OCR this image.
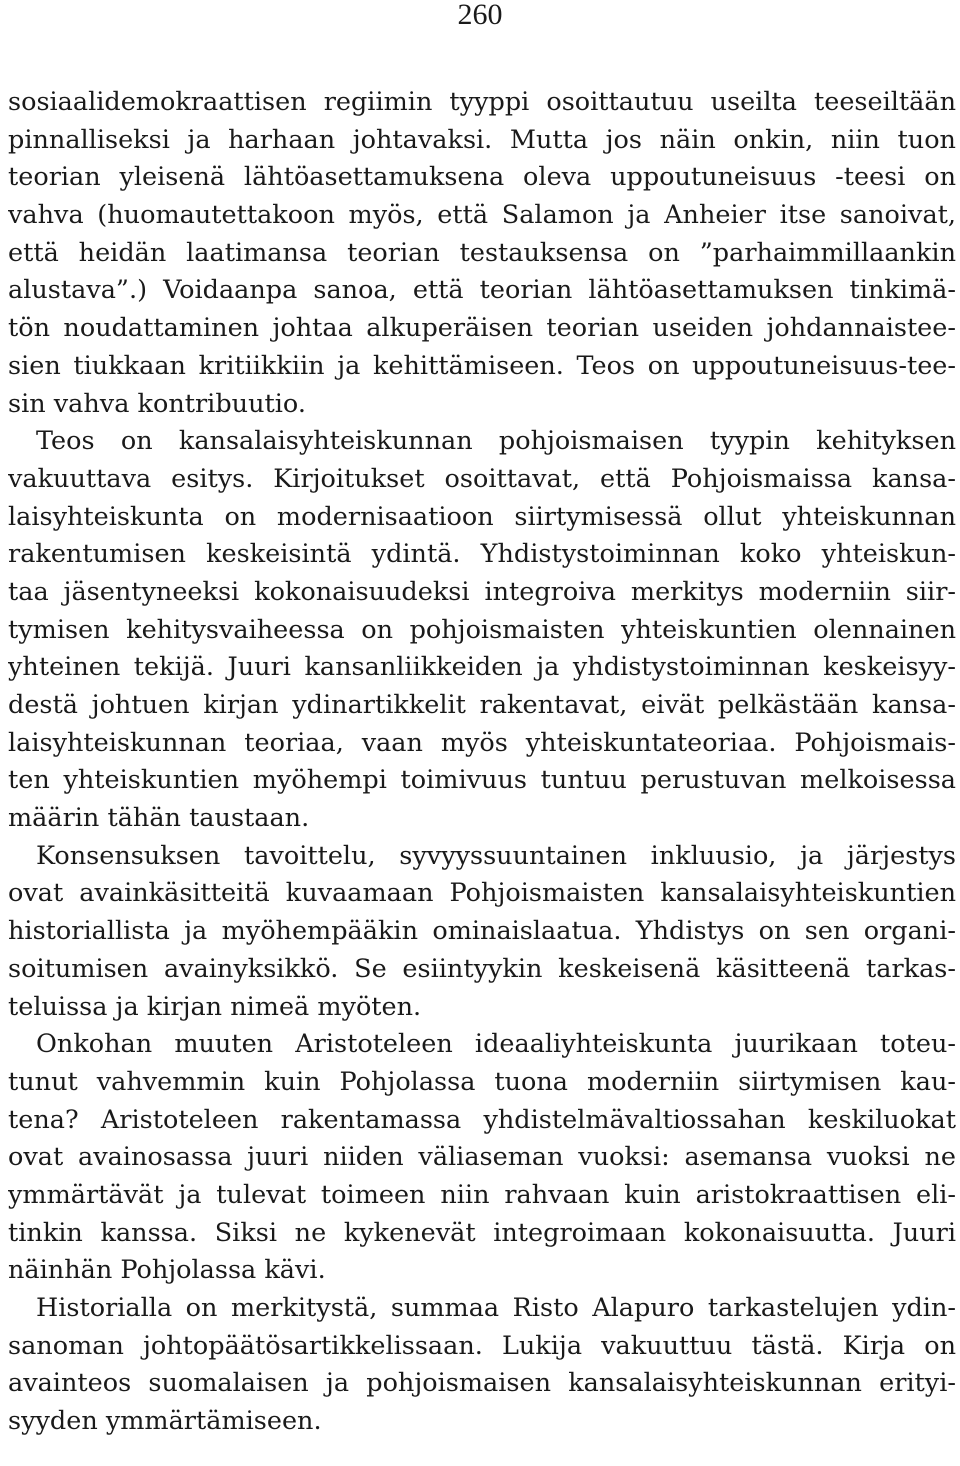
260
sosiaalidemokraattisen regiimin tyyppi osoittautuu useilta teeseiltään
pinnalliseksi ja harhaan johtavaksi. Mutta jos näin onkin, niin tuon
teorian yleisenä lähtöasettamuksena oleva uppoutuneisuus -teesi on
vahva (huomautettakoon myös, että Salamon ja Anheier itse sanoivat,
että heidän laatimansa teorian testauksensa on ”parhaimmillaankin
alustava”.) Voidaanpa sanoa, että teorian lähtöasettamuksen tinkimä-
tön noudattaminen johtaa alkuperäisen teorian useiden johdannaistee-
sien tiukkaan kritiikkiin ja kehittämiseen. Teos on uppoutuneisuus-tee-
sin vahva kontribuutio.
Teos on kansalaisyhteiskunnan pohjoismaisen tyypin kehityksen
vakuuttava esitys. Kirjoitukset osoittavat, että Pohjoismaissa kansa-
laisyhteiskunta on modernisaatioon siirtymisessä ollut yhteiskunnan
rakentumisen keskeisintä ydintä. Yhdistystoiminnan koko yhteiskun-
taa jäsentyneeksi kokonaisuudeksi integroiva merkitys moderniin siir-
tymisen kehitysvaiheessa on pohjoismaisten yhteiskuntien olennainen
yhteinen tekijä. Juuri kansanliikkeiden ja yhdistystoiminnan keskeisyy-
destä johtuen kirjan ydinartikkelit rakentavat, eivät pelkästään kansa-
laisyhteiskunnan teoriaa, vaan myös yhteiskuntateoriaa. Pohjoismais-
ten yhteiskuntien myöhempi toimivuus tuntuu perustuvan melkoisessa
määrin tähän taustaan.
Konsensuksen tavoittelu, syvyyssuuntainen inkluusio, ja järjestys
ovat avainkäsitteitä kuvaamaan Pohjoismaisten kansalaisyhteiskuntien
historiallista ja myöhempääkin ominaislaatua. Yhdistys on sen organi-
soitumisen avainyksikkö. Se esiintyykin keskeisenä käsitteenä tarkas-
teluissa ja kirjan nimeä myöten.
Onkohan muuten Aristoteleen ideaaliyhteiskunta juurikaan toteu-
tunut vahvemmin kuin Pohjolassa tuona moderniin siirtymisen kau-
tena? Aristoteleen rakentamassa yhdistelmävaltiossahan keskiluokat
ovat avainosassa juuri niiden väliaseman vuoksi: asemansa vuoksi ne
ymmärtävät ja tulevat toimeen niin rahvaan kuin aristokraattisen eli-
tinkin kanssa. Siksi ne kykenevät integroimaan kokonaisuutta. Juuri
näinhän Pohjolassa kävi.
Historialla on merkitystä, summaa Risto Alapuro tarkastelujen ydin-
sanoman johtopäätösartikkelissaan. Lukija vakuuttuu tästä. Kirja on
avainteos suomalaisen ja pohjoismaisen kansalaisyhteiskunnan erityi-
syyden ymmärtämiseen.
